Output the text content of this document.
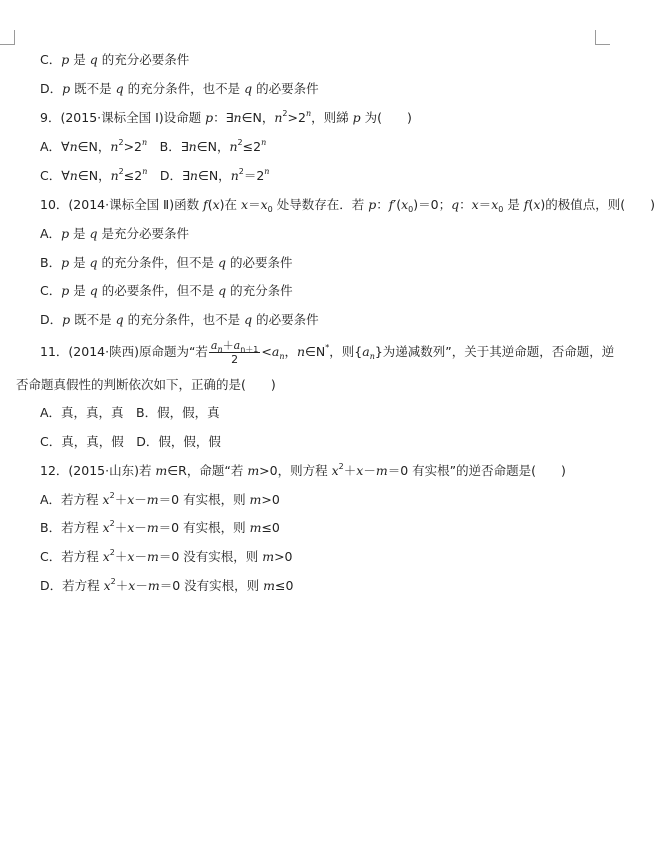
C．p 是 q 的充分必要条件
D．p 既不是 q 的充分条件，也不是 q 的必要条件
9．(2015·课标全国 Ⅰ)设命题 p：∃n∈N，$n^2>2^n$，则綈 p 为(　　)
A．∀n∈N，$n^2>2^n$　B．∃n∈N，$n^2\le 2^n$
C．∀n∈N，$n^2\le 2^n$　D．∃n∈N，$n^2=2^n$
10．(2014·课标全国 Ⅱ)函数 f(x)在 $x=x_0$ 处导数存在．若 p：$f'(x_0)=0$；q：$x=x_0$ 是 f(x)的极值点，则(　　)
A．p 是 q 是充分必要条件
B．p 是 q 的充分条件，但不是 q 的必要条件
C．p 是 q 的必要条件，但不是 q 的充分条件
D．p 既不是 q 的充分条件，也不是 q 的必要条件
11．(2014·陕西)原命题为“若 $\frac{a_n+a_{n+1}}{2} <a_n$，n∈N*，则$\{a_n\}$为递减数列”，关于其逆命题，否命题，逆
否命题真假性的判断依次如下，正确的是(　　)
A．真，真，真　B．假，假，真
C．真，真，假　D．假，假，假
12．(2015·山东)若 m∈R，命题“若 m>0，则方程 $x^2+x-m=0$ 有实根”的逆否命题是(　　)
A．若方程 $x^2+x-m=0$ 有实根，则 m>0
B．若方程 $x^2+x-m=0$ 有实根，则 m≤0
C．若方程 $x^2+x-m=0$ 没有实根，则 m>0
D．若方程 $x^2+x-m=0$ 没有实根，则 m≤0
